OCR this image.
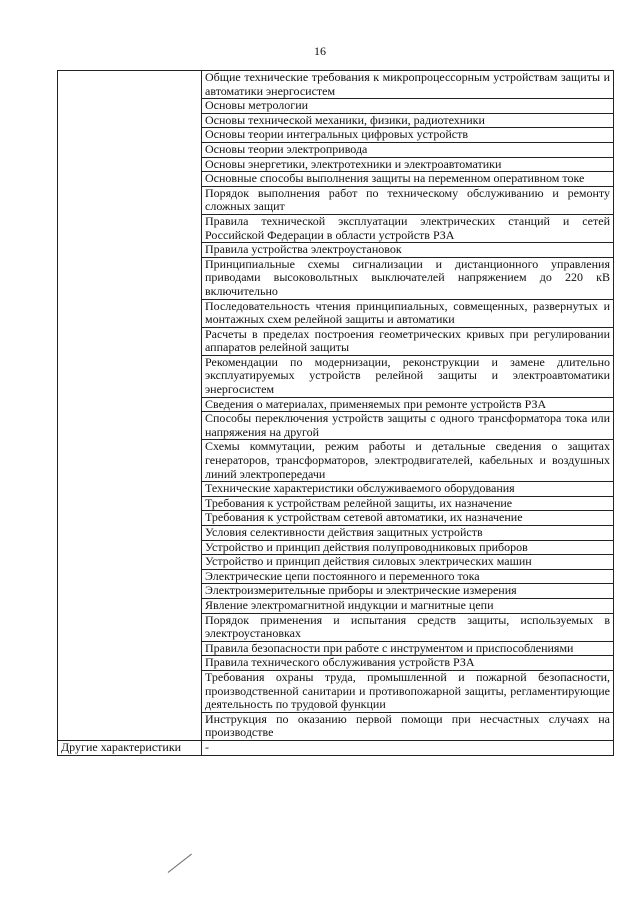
16
	Общие технические требования к микропроцессорным устройствам защиты и автоматики энергосистем
	Основы метрологии
	Основы технической механики, физики, радиотехники
	Основы теории интегральных цифровых устройств
	Основы теории электропривода
	Основы энергетики, электротехники и электроавтоматики
	Основные способы выполнения защиты на переменном оперативном токе
	Порядок выполнения работ по техническому обслуживанию и ремонту сложных защит
	Правила технической эксплуатации электрических станций и сетей Российской Федерации в области устройств РЗА
	Правила устройства электроустановок
	Принципиальные схемы сигнализации и дистанционного управления приводами высоковольтных выключателей напряжением до 220 кВ включительно
	Последовательность чтения принципиальных, совмещенных, развернутых и монтажных схем релейной защиты и автоматики
	Расчеты в пределах построения геометрических кривых при регулировании аппаратов релейной защиты
	Рекомендации по модернизации, реконструкции и замене длительно эксплуатируемых устройств релейной защиты и электроавтоматики энергосистем
	Сведения о материалах, применяемых при ремонте устройств РЗА
	Способы переключения устройств защиты с одного трансформатора тока или напряжения на другой
	Схемы коммутации, режим работы и детальные сведения о защитах генераторов, трансформаторов, электродвигателей, кабельных и воздушных линий электропередачи
	Технические характеристики обслуживаемого оборудования
	Требования к устройствам релейной защиты, их назначение
	Требования к устройствам сетевой автоматики, их назначение
	Условия селективности действия защитных устройств
	Устройство и принцип действия полупроводниковых приборов
	Устройство и принцип действия силовых электрических машин
	Электрические цепи постоянного и переменного тока
	Электроизмерительные приборы и электрические измерения
	Явление электромагнитной индукции и магнитные цепи
	Порядок применения и испытания средств защиты, используемых в электроустановках
	Правила безопасности при работе с инструментом и приспособлениями
	Правила технического обслуживания устройств РЗА
	Требования охраны труда, промышленной и пожарной безопасности, производственной санитарии и противопожарной защиты, регламентирующие деятельность по трудовой функции
	Инструкция по оказанию первой помощи при несчастных случаях на производстве
Другие характеристики	-
